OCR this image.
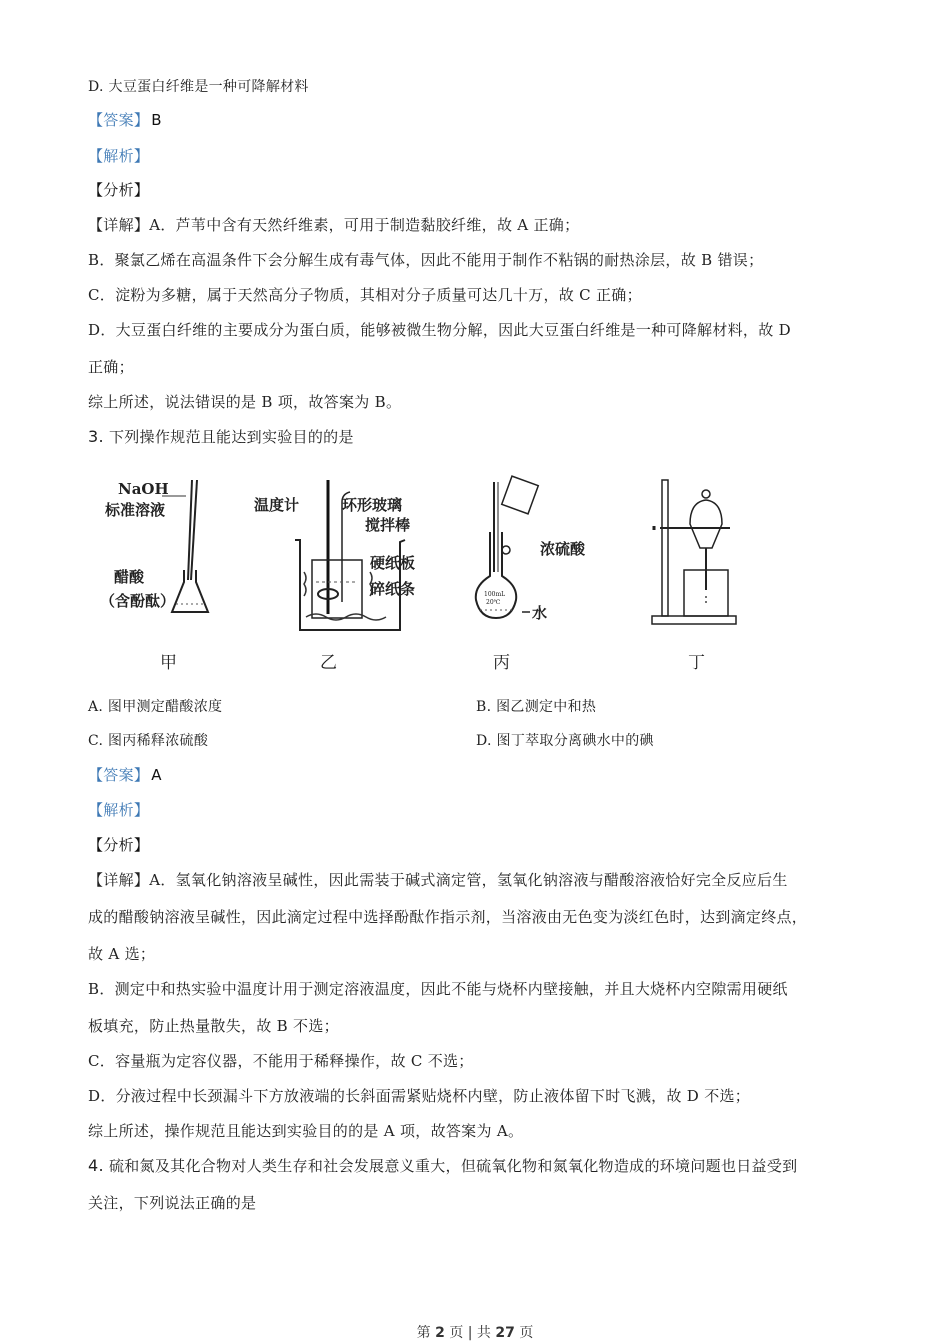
D. 大豆蛋白纤维是一种可降解材料
【答案】 B
【解析】
【分析】
【详解】A．芦苇中含有天然纤维素，可用于制造黏胶纤维，故 A 正确；
B．聚氯乙烯在高温条件下会分解生成有毒气体，因此不能用于制作不粘锅的耐热涂层，故 B 错误；
C．淀粉为多糖，属于天然高分子物质，其相对分子质量可达几十万，故 C 正确；
D．大豆蛋白纤维的主要成分为蛋白质，能够被微生物分解，因此大豆蛋白纤维是一种可降解材料，故 D
正确；
综上所述，说法错误的是 B 项，故答案为 B。
3. 下列操作规范且能达到实验目的的是
NaOH
标准溶液
醋酸
（含酚酞）
甲
温度计	环形玻璃
搅拌棒
硬纸板
碎纸条
乙
100mL
20℃
浓硫酸
水
丙	丁
A. 图甲测定醋酸浓度	B. 图乙测定中和热
C. 图丙稀释浓硫酸	D. 图丁萃取分离碘水中的碘
【答案】 A
【解析】
【分析】
【详解】A．氢氧化钠溶液呈碱性，因此需装于碱式滴定管，氢氧化钠溶液与醋酸溶液恰好完全反应后生
成的醋酸钠溶液呈碱性，因此滴定过程中选择酚酞作指示剂，当溶液由无色变为淡红色时，达到滴定终点，
故 A 选；
B．测定中和热实验中温度计用于测定溶液温度，因此不能与烧杯内壁接触，并且大烧杯内空隙需用硬纸
板填充，防止热量散失，故 B 不选；
C．容量瓶为定容仪器，不能用于稀释操作，故 C 不选；
D．分液过程中长颈漏斗下方放液端的长斜面需紧贴烧杯内壁，防止液体留下时飞溅，故 D 不选；
综上所述，操作规范且能达到实验目的的是 A 项，故答案为 A。
4. 硫和氮及其化合物对人类生存和社会发展意义重大，但硫氧化物和氮氧化物造成的环境问题也日益受到
关注，下列说法正确的是
第 2 页 | 共 27 页
